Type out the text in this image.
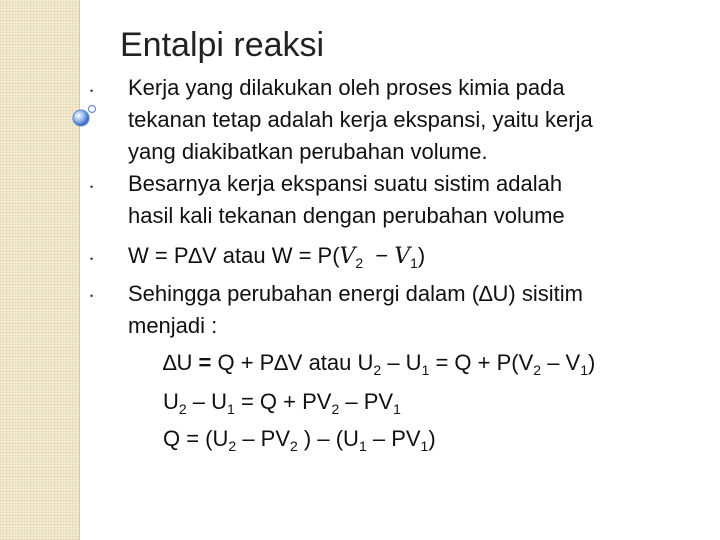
Entalpi reaksi
• Kerja yang dilakukan oleh proses kimia pada
tekanan tetap adalah kerja ekspansi, yaitu kerja
yang diakibatkan perubahan volume.
• Besarnya kerja ekspansi suatu sistim adalah
hasil kali tekanan dengan perubahan volume
• W = P∆V atau $W = P(V_2 - V_1)$
• Sehingga perubahan energi dalam (∆U) sisitim
menjadi :
∆U = Q + P∆V atau $U_2 - U_1 = Q + P(V_2 - V_1)$
$U_2 - U_1 = Q + PV_2 - PV_1$
$Q = (U_2 - PV_2$ ) – $(U_1 - PV_1)$
